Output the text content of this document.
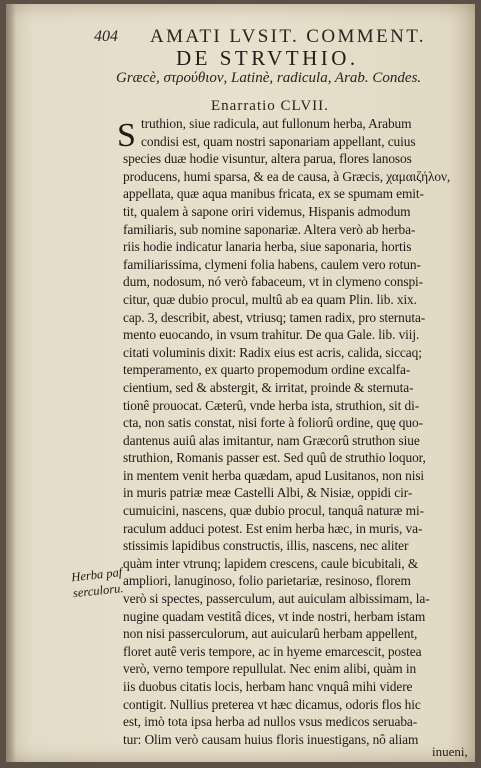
404 AMATI LVSIT. COMMENT.
DE STRVTHIO.
Græcè, στρούθιον, Latinè, radicula, Arab. Condes.
Enarratio CLVII.
S truthion, siue radicula, aut fullonum herba, Arabum
condisi est, quam nostri saponariam appellant, cuius
species duæ hodie visuntur, altera parua, flores lanosos
producens, humi sparsa, & ea de causa, à Græcis, χαμαιζήλον,
appellata, quæ aqua manibus fricata, ex se spumam emit-
tit, qualem à sapone oriri videmus, Hispanis admodum
familiaris, sub nomine saponariæ. Altera verò ab herba-
riis hodie indicatur lanaria herba, siue saponaria, hortis
familiarissima, clymeni folia habens, caulem vero rotun-
dum, nodosum, nó verò fabaceum, vt in clymeno conspi-
citur, quæ dubio procul, multû ab ea quam Plin. lib. xix.
cap. 3, describit, abest, vtriusq; tamen radix, pro sternuta-
mento euocando, in vsum trahitur. De qua Gale. lib. viij.
citati voluminis dixit: Radix eius est acris, calida, siccaq;
temperamento, ex quarto propemodum ordine excalfa-
cientium, sed & abstergit, & irritat, proinde & sternuta-
tionê prouocat. Cæterû, vnde herba ista, struthion, sit di-
cta, non satis constat, nisi forte à foliorû ordine, quę quo-
dantenus auiû alas imitantur, nam Græcorû struthon siue
struthion, Romanis passer est. Sed quû de struthio loquor,
in mentem venit herba quædam, apud Lusitanos, non nisi
in muris patriæ meæ Castelli Albi, & Nisiæ, oppidi cir-
cumuicini, nascens, quæ dubio procul, tanquâ naturæ mi-
raculum adduci potest. Est enim herba hæc, in muris, va-
stissimis lapidibus constructis, illis, nascens, nec aliter
quàm inter vtrunq; lapidem crescens, caule bicubitali, &
ampliori, lanuginoso, folio parietariæ, resinoso, florem
verò si spectes, passerculum, aut auiculam albissimam, la-
nugine quadam vestitâ dices, vt inde nostri, herbam istam
non nisi passerculorum, aut auicularû herbam appellent,
floret autê veris tempore, ac in hyeme emarcescit, postea
verò, verno tempore repullulat. Nec enim alibi, quàm in
iis duobus citatis locis, herbam hanc vnquâ mihi videre
contigit. Nullius preterea vt hæc dicamus, odoris flos hic
est, imò tota ipsa herba ad nullos vsus medicos seruaba-
tur: Olim verò causam huius floris inuestigans, nô aliam
Herba paf
serculoru.
inueni,
